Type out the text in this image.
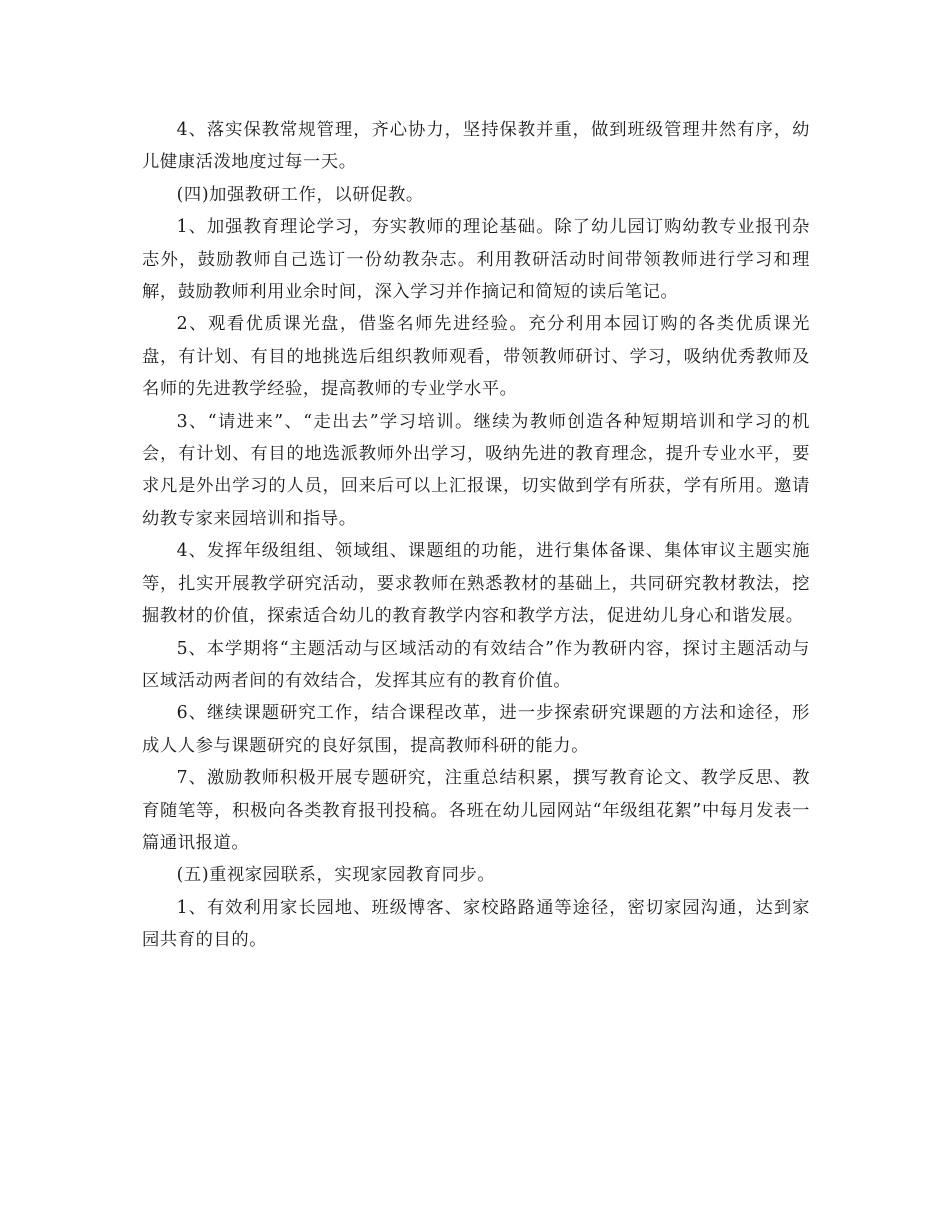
4、落实保教常规管理，齐心协力，坚持保教并重，做到班级管理井然有序，幼儿健康活泼地度过每一天。

(四)加强教研工作，以研促教。

1、加强教育理论学习，夯实教师的理论基础。除了幼儿园订购幼教专业报刊杂志外，鼓励教师自己选订一份幼教杂志。利用教研活动时间带领教师进行学习和理解，鼓励教师利用业余时间，深入学习并作摘记和简短的读后笔记。

2、观看优质课光盘，借鉴名师先进经验。充分利用本园订购的各类优质课光盘，有计划、有目的地挑选后组织教师观看，带领教师研讨、学习，吸纳优秀教师及名师的先进教学经验，提高教师的专业学水平。

3、“请进来”、“走出去”学习培训。继续为教师创造各种短期培训和学习的机会，有计划、有目的地选派教师外出学习，吸纳先进的教育理念，提升专业水平，要求凡是外出学习的人员，回来后可以上汇报课，切实做到学有所获，学有所用。邀请幼教专家来园培训和指导。

4、发挥年级组组、领域组、课题组的功能，进行集体备课、集体审议主题实施等，扎实开展教学研究活动，要求教师在熟悉教材的基础上，共同研究教材教法，挖掘教材的价值，探索适合幼儿的教育教学内容和教学方法，促进幼儿身心和谐发展。

5、本学期将“主题活动与区域活动的有效结合”作为教研内容，探讨主题活动与区域活动两者间的有效结合，发挥其应有的教育价值。

6、继续课题研究工作，结合课程改革，进一步探索研究课题的方法和途径，形成人人参与课题研究的良好氛围，提高教师科研的能力。

7、激励教师积极开展专题研究，注重总结积累，撰写教育论文、教学反思、教育随笔等，积极向各类教育报刊投稿。各班在幼儿园网站“年级组花絮”中每月发表一篇通讯报道。

(五)重视家园联系，实现家园教育同步。

1、有效利用家长园地、班级博客、家校路路通等途径，密切家园沟通，达到家园共育的目的。
